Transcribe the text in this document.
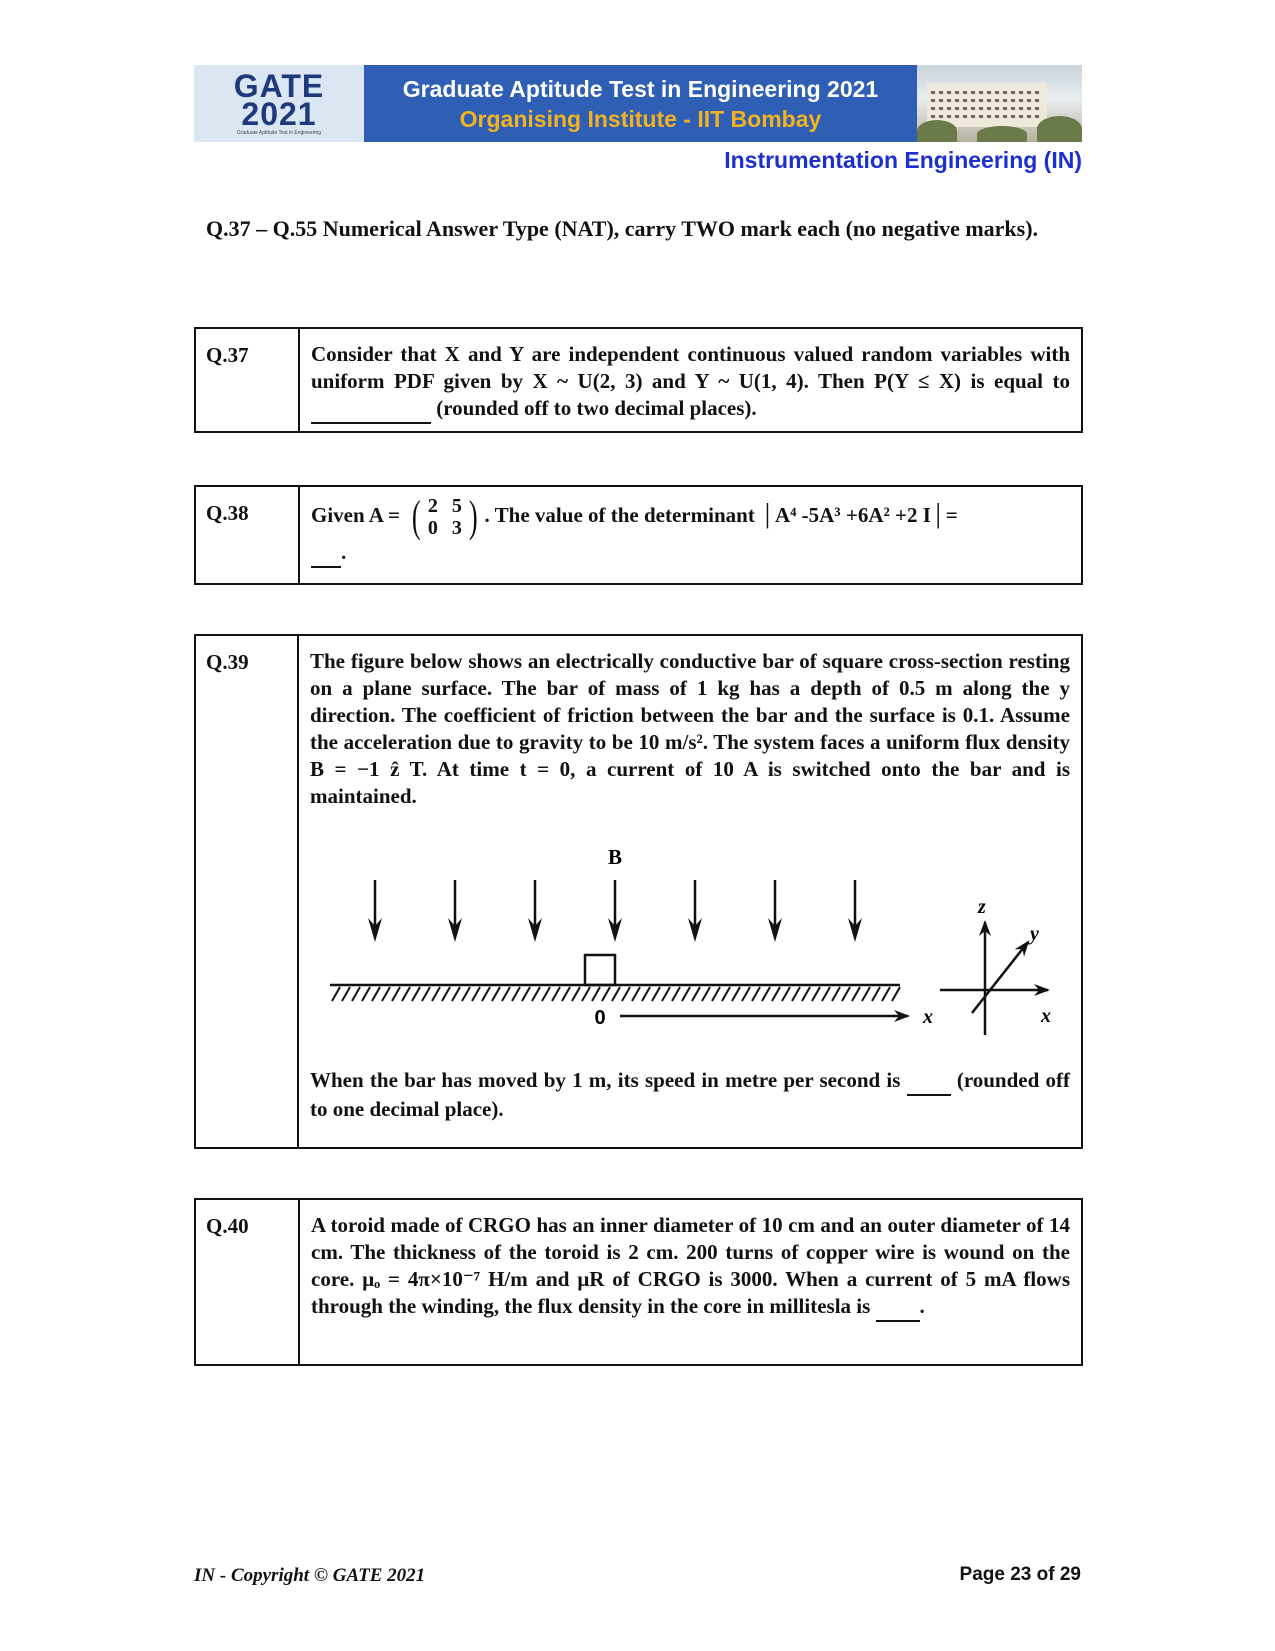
GATE
2021
Graduate Aptitude Test in Engineering
Graduate Aptitude Test in Engineering 2021
Organising Institute - IIT Bombay
Instrumentation Engineering (IN)
Q.37 – Q.55 Numerical Answer Type (NAT), carry TWO mark each (no negative marks).
Q.37	Consider that X and Y are independent continuous valued random variables with uniform PDF given by X ~ U(2, 3) and Y ~ U(1, 4). Then P(Y ≤ X) is equal to   (rounded off to two decimal places).
Q.38	Given A = ( 2 5
0 3 ) . The value of the determinant │A⁴ -5A³ +6A² +2 I│=
.
Q.39	The figure below shows an electrically conductive bar of square cross-section resting on a plane surface. The bar of mass of 1 kg has a depth of 0.5 m along the y direction. The coefficient of friction between the bar and the surface is 0.1. Assume the acceleration due to gravity to be 10 m/s². The system faces a uniform flux density B = −1 ẑ T. At time t = 0, a current of 10 A is switched onto the bar and is maintained.
B
0	x
z
y
x
When the bar has moved by 1 m, its speed in metre per second is   (rounded off to one decimal place).
Q.40	A toroid made of CRGO has an inner diameter of 10 cm and an outer diameter of 14 cm. The thickness of the toroid is 2 cm. 200 turns of copper wire is wound on the core. μₒ = 4π×10⁻⁷ H/m and μR of CRGO is 3000. When a current of 5 mA flows through the winding, the flux density in the core in millitesla is  .
IN - Copyright © GATE 2021	Page 23 of 29
